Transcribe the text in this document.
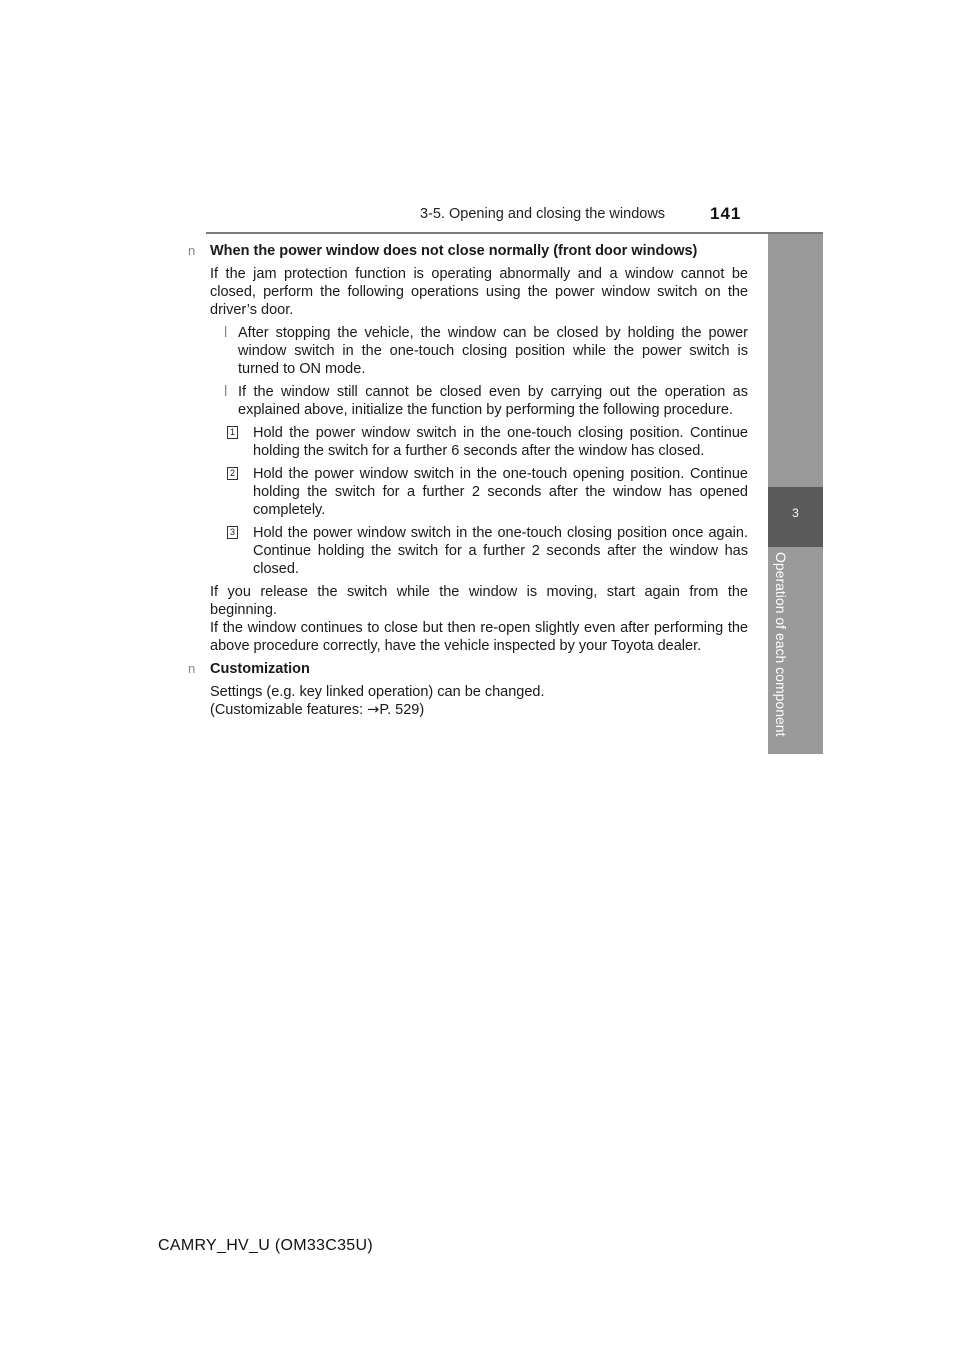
3-5. Opening and closing the windows	141
3
Operation of each component
n When the power window does not close normally (front door windows)
If the jam protection function is operating abnormally and a window cannot be closed, perform the following operations using the power window switch on the driver’s door.
l After stopping the vehicle, the window can be closed by holding the power window switch in the one-touch closing position while the power switch is turned to ON mode.
l If the window still cannot be closed even by carrying out the operation as explained above, initialize the function by performing the following procedure.
1 Hold the power window switch in the one-touch closing position. Continue holding the switch for a further 6 seconds after the window has closed.
2 Hold the power window switch in the one-touch opening position. Continue holding the switch for a further 2 seconds after the window has opened completely.
3 Hold the power window switch in the one-touch closing position once again. Continue holding the switch for a further 2 seconds after the window has closed.
If you release the switch while the window is moving, start again from the beginning.
If the window continues to close but then re-open slightly even after performing the above procedure correctly, have the vehicle inspected by your Toyota dealer.
n Customization
Settings (e.g. key linked operation) can be changed.
(Customizable features: →P. 529)
CAMRY_HV_U (OM33C35U)
